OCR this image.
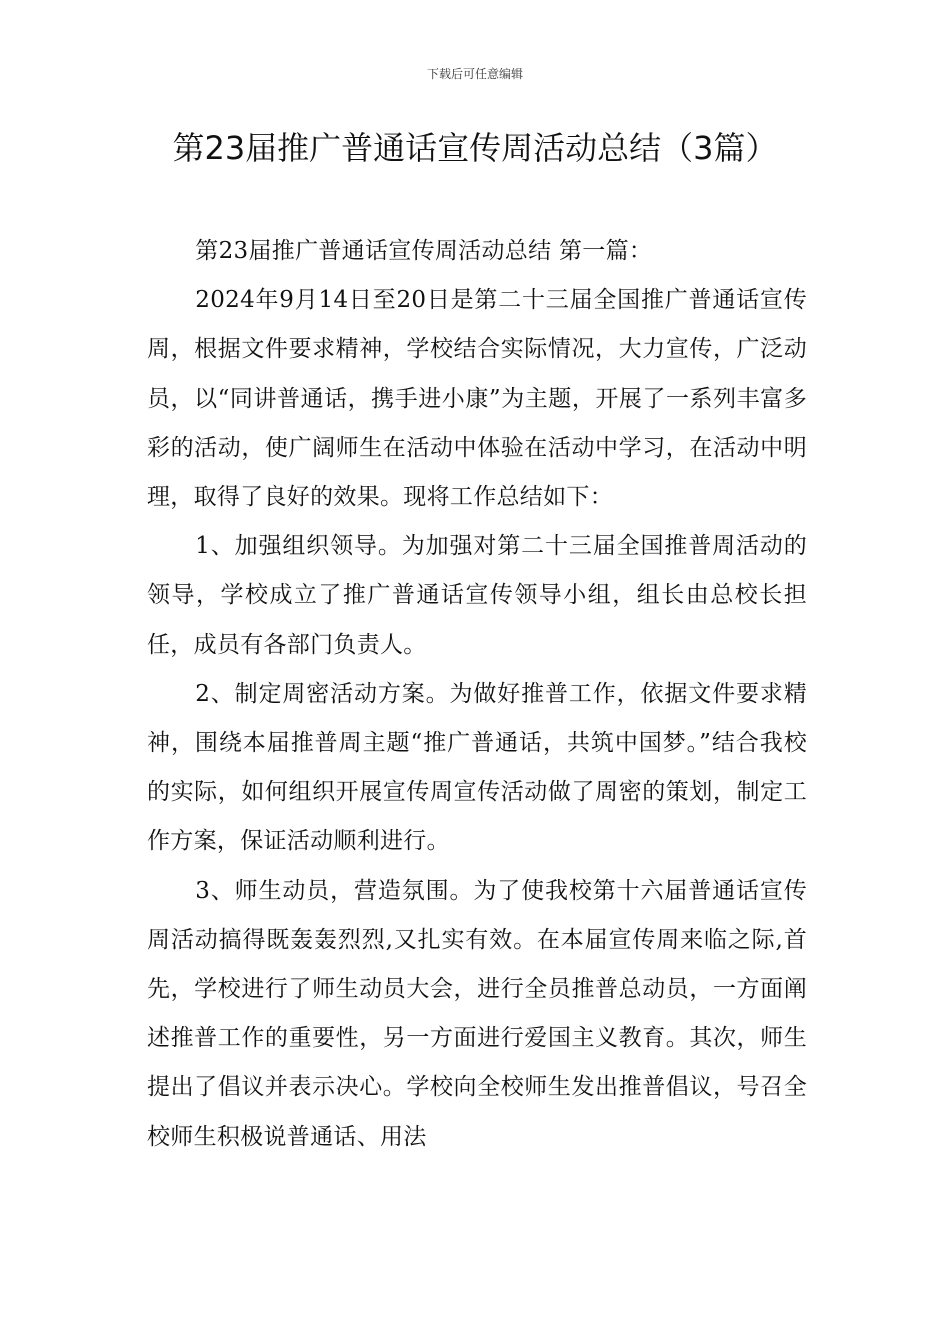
下载后可任意编辑
第23届推广普通话宣传周活动总结（3篇）

第23届推广普通话宣传周活动总结 第一篇：

2024年9月14日至20日是第二十三届全国推广普通话宣传周，根据文件要求精神，学校结合实际情况，大力宣传，广泛动员，以“同讲普通话，携手进小康”为主题，开展了一系列丰富多彩的活动，使广阔师生在活动中体验在活动中学习，在活动中明理，取得了良好的效果。现将工作总结如下：

1、加强组织领导。为加强对第二十三届全国推普周活动的领导，学校成立了推广普通话宣传领导小组，组长由总校长担任，成员有各部门负责人。

2、制定周密活动方案。为做好推普工作，依据文件要求精神，围绕本届推普周主题“推广普通话，共筑中国梦。”结合我校的实际，如何组织开展宣传周宣传活动做了周密的策划，制定工作方案，保证活动顺利进行。

3、师生动员，营造氛围。为了使我校第十六届普通话宣传周活动搞得既轰轰烈烈,又扎实有效。在本届宣传周来临之际,首先，学校进行了师生动员大会，进行全员推普总动员，一方面阐述推普工作的重要性，另一方面进行爱国主义教育。其次，师生提出了倡议并表示决心。学校向全校师生发出推普倡议，号召全校师生积极说普通话、用法
